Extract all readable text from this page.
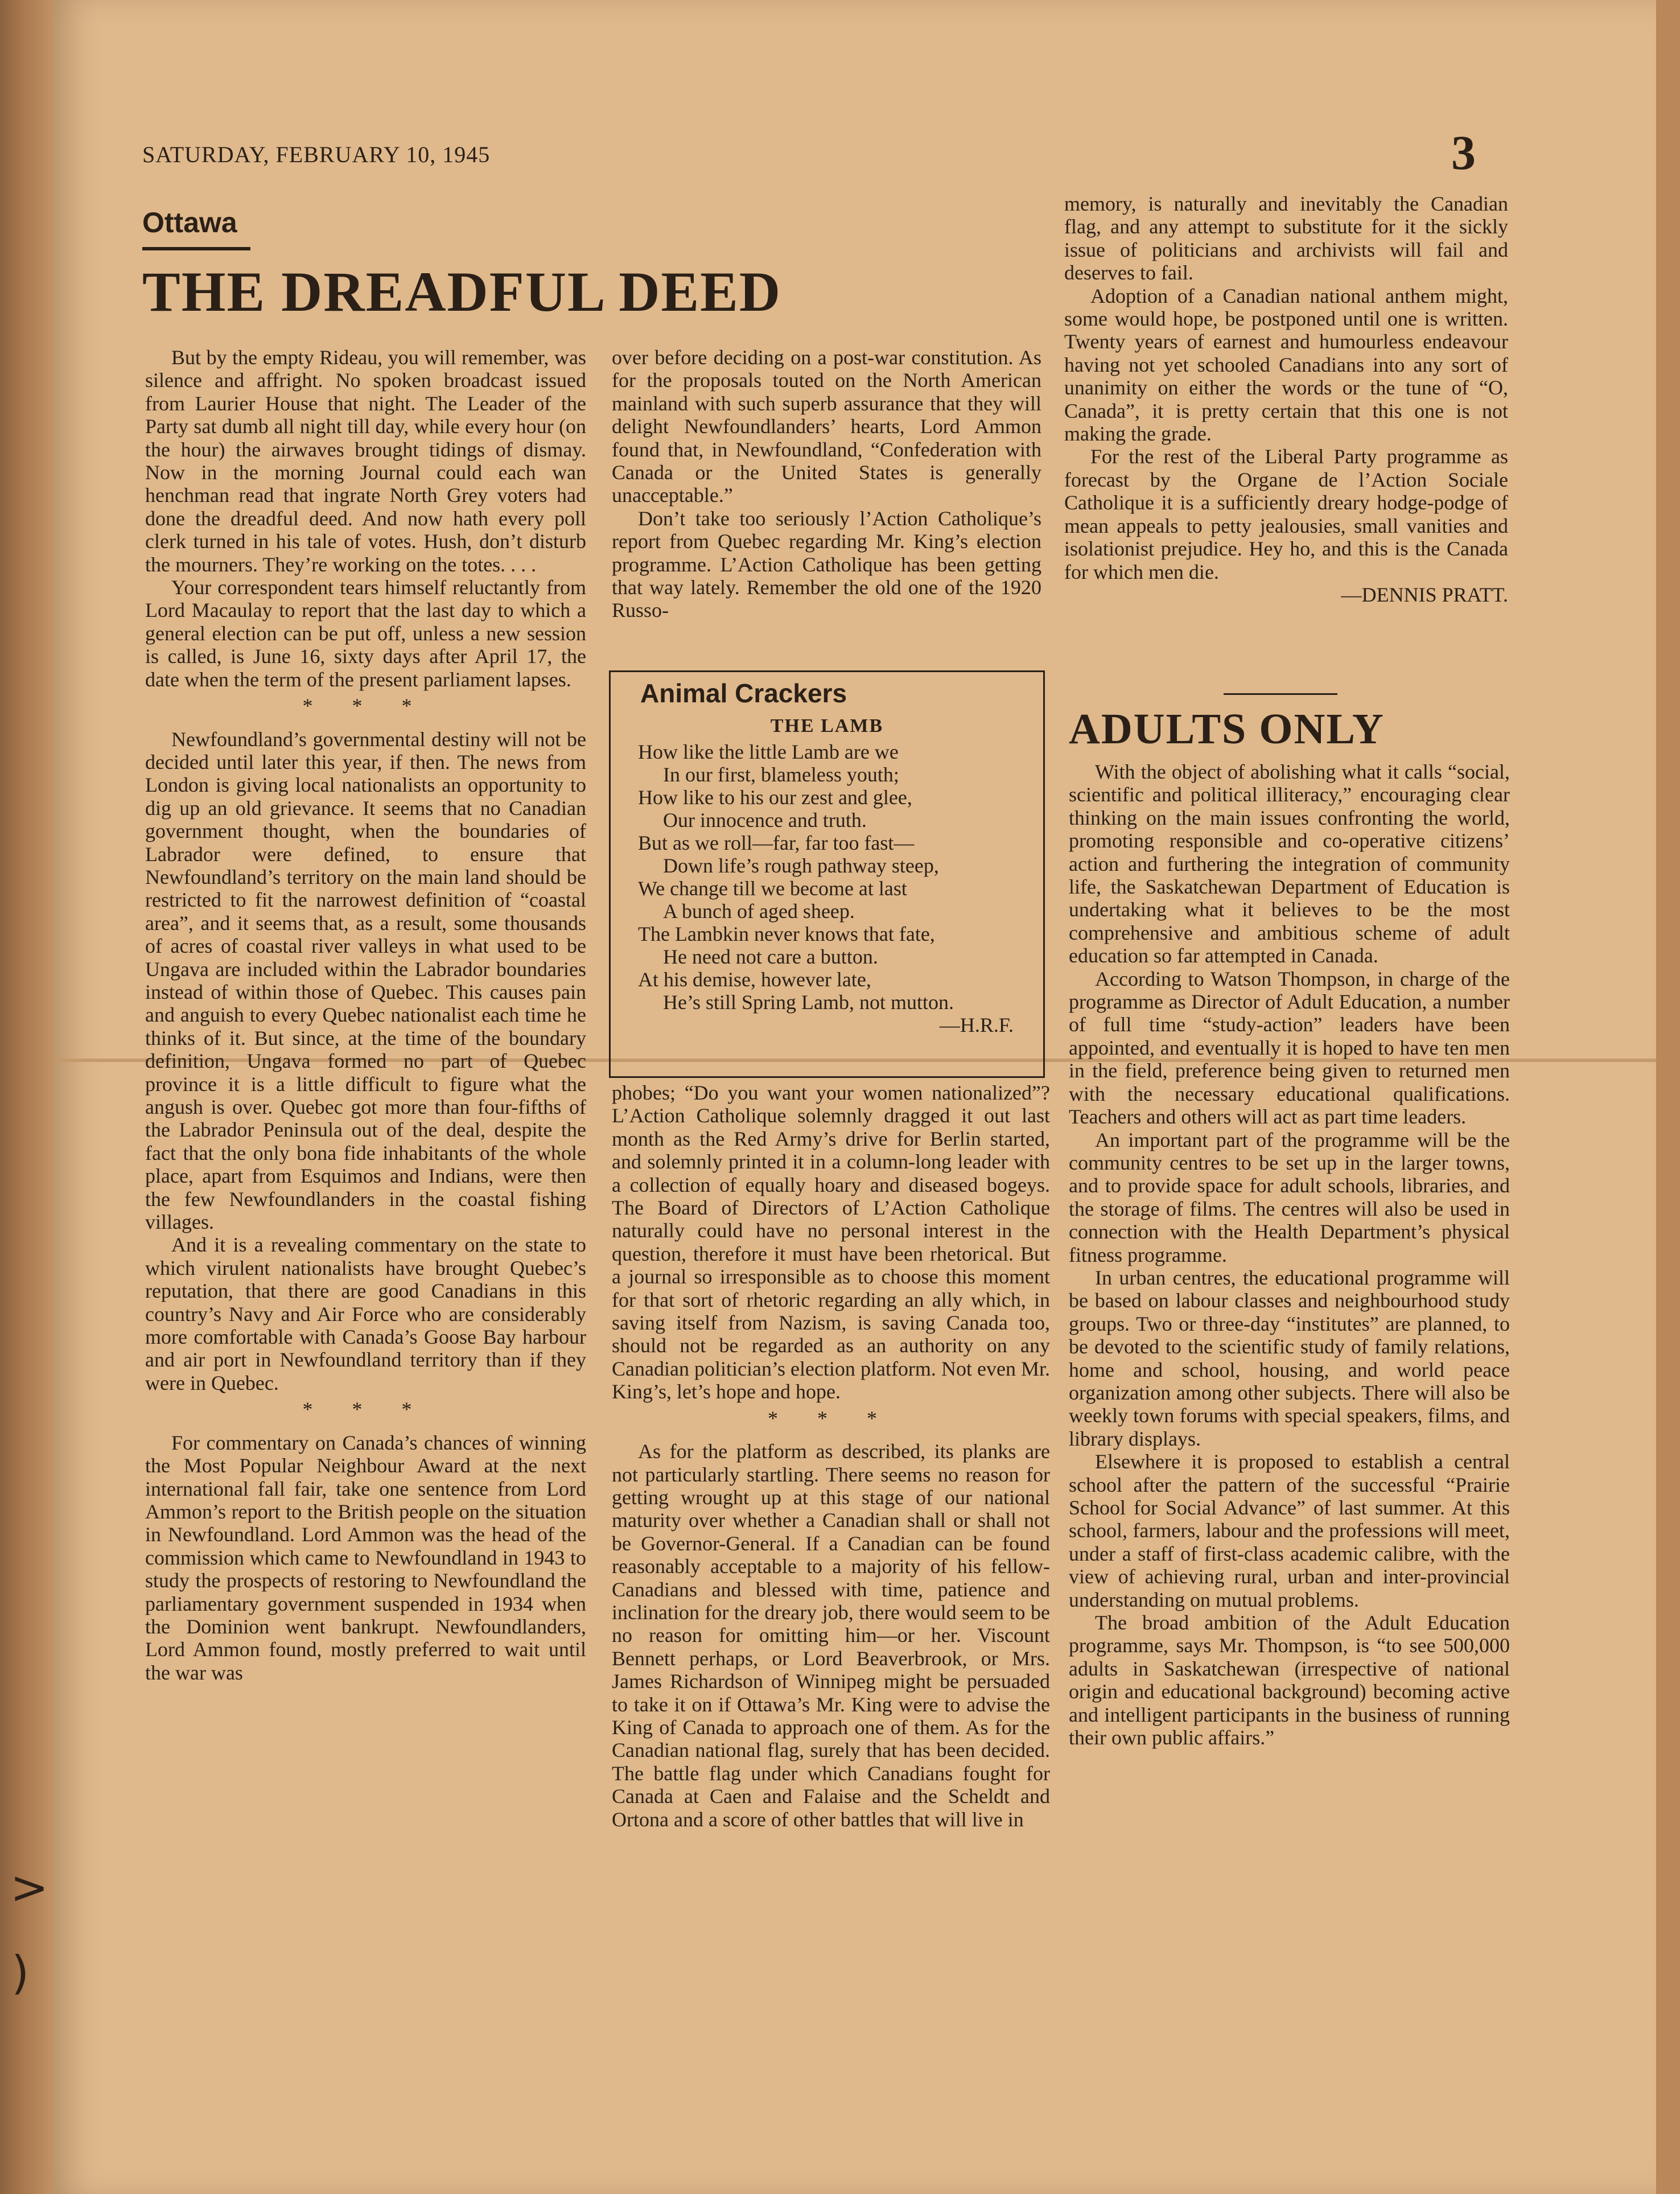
>
)
SATURDAY, FEBRUARY 10, 1945	3
Ottawa
THE DREADFUL DEED

But by the empty Rideau, you will remember, was silence and affright. No spoken broadcast issued from Laurier House that night. The Leader of the Party sat dumb all night till day, while every hour (on the hour) the airwaves brought tidings of dismay. Now in the morning Journal could each wan henchman read that ingrate North Grey voters had done the dreadful deed. And now hath every poll clerk turned in his tale of votes. Hush, don’t disturb the mourners. They’re working on the totes. . . .

Your correspondent tears himself reluctantly from Lord Macaulay to report that the last day to which a general election can be put off, unless a new session is called, is June 16, sixty days after April 17, the date when the term of the present parliament lapses.

* * *

Newfoundland’s governmental destiny will not be decided until later this year, if then. The news from London is giving local nationalists an opportunity to dig up an old grievance. It seems that no Canadian government thought, when the boundaries of Labrador were defined, to ensure that Newfoundland’s territory on the main land should be restricted to fit the narrowest definition of “coastal area”, and it seems that, as a result, some thousands of acres of coastal river valleys in what used to be Ungava are included within the Labrador boundaries instead of within those of Quebec. This causes pain and anguish to every Quebec nationalist each time he thinks of it. But since, at the time of the boundary definition, Ungava formed no part of Quebec province it is a little difficult to figure what the angush is over. Quebec got more than four-fifths of the Labrador Peninsula out of the deal, despite the fact that the only bona fide inhabitants of the whole place, apart from Esquimos and Indians, were then the few Newfoundlanders in the coastal fishing villages.

And it is a revealing commentary on the state to which virulent nationalists have brought Quebec’s reputation, that there are good Canadians in this country’s Navy and Air Force who are considerably more comfortable with Canada’s Goose Bay harbour and air port in Newfoundland territory than if they were in Quebec.

* * *

For commentary on Canada’s chances of winning the Most Popular Neighbour Award at the next international fall fair, take one sentence from Lord Ammon’s report to the British people on the situation in Newfoundland. Lord Ammon was the head of the commission which came to Newfoundland in 1943 to study the prospects of restoring to Newfoundland the parliamentary government suspended in 1934 when the Dominion went bankrupt. Newfoundlanders, Lord Ammon found, mostly preferred to wait until the war was

over before deciding on a post-war constitution. As for the proposals touted on the North American mainland with such superb assurance that they will delight Newfoundlanders’ hearts, Lord Ammon found that, in Newfoundland, “Confederation with Canada or the United States is generally unacceptable.”

Don’t take too seriously l’Action Catholique’s report from Quebec regarding Mr. King’s election programme. L’Action Catholique has been getting that way lately. Remember the old one of the 1920 Russo-

Animal Crackers
THE LAMB
How like the little Lamb are we
In our first, blameless youth;
How like to his our zest and glee,
Our innocence and truth.
But as we roll—far, far too fast—
Down life’s rough pathway steep,
We change till we become at last
A bunch of aged sheep.
The Lambkin never knows that fate,
He need not care a button.
At his demise, however late,
He’s still Spring Lamb, not mutton.
—H.R.F.

phobes; “Do you want your women nationalized”? L’Action Catholique solemnly dragged it out last month as the Red Army’s drive for Berlin started, and solemnly printed it in a column-long leader with a collection of equally hoary and diseased bogeys. The Board of Directors of L’Action Catholique naturally could have no personal interest in the question, therefore it must have been rhetorical. But a journal so irresponsible as to choose this moment for that sort of rhetoric regarding an ally which, in saving itself from Nazism, is saving Canada too, should not be regarded as an authority on any Canadian politician’s election platform. Not even Mr. King’s, let’s hope and hope.

* * *

As for the platform as described, its planks are not particularly startling. There seems no reason for getting wrought up at this stage of our national maturity over whether a Canadian shall or shall not be Governor-General. If a Canadian can be found reasonably acceptable to a majority of his fellow-Canadians and blessed with time, patience and inclination for the dreary job, there would seem to be no reason for omitting him—or her. Viscount Bennett perhaps, or Lord Beaverbrook, or Mrs. James Richardson of Winnipeg might be persuaded to take it on if Ottawa’s Mr. King were to advise the King of Canada to approach one of them. As for the Canadian national flag, surely that has been decided. The battle flag under which Canadians fought for Canada at Caen and Falaise and the Scheldt and Ortona and a score of other battles that will live in

memory, is naturally and inevitably the Canadian flag, and any attempt to substitute for it the sickly issue of politicians and archivists will fail and deserves to fail.

Adoption of a Canadian national anthem might, some would hope, be postponed until one is written. Twenty years of earnest and humourless endeavour having not yet schooled Canadians into any sort of unanimity on either the words or the tune of “O, Canada”, it is pretty certain that this one is not making the grade.

For the rest of the Liberal Party programme as forecast by the Organe de l’Action Sociale Catholique it is a sufficiently dreary hodge-podge of mean appeals to petty jealousies, small vanities and isolationist prejudice. Hey ho, and this is the Canada for which men die.

—DENNIS PRATT.

ADULTS ONLY

With the object of abolishing what it calls “social, scientific and political illiteracy,” encouraging clear thinking on the main issues confronting the world, promoting responsible and co-operative citizens’ action and furthering the integration of community life, the Saskatchewan Department of Education is undertaking what it believes to be the most comprehensive and ambitious scheme of adult education so far attempted in Canada.

According to Watson Thompson, in charge of the programme as Director of Adult Education, a number of full time “study-action” leaders have been appointed, and eventually it is hoped to have ten men in the field, preference being given to returned men with the necessary educational qualifications. Teachers and others will act as part time leaders.

An important part of the programme will be the community centres to be set up in the larger towns, and to provide space for adult schools, libraries, and the storage of films. The centres will also be used in connection with the Health Department’s physical fitness programme.

In urban centres, the educational programme will be based on labour classes and neighbourhood study groups. Two or three-day “institutes” are planned, to be devoted to the scientific study of family relations, home and school, housing, and world peace organization among other subjects. There will also be weekly town forums with special speakers, films, and library displays.

Elsewhere it is proposed to establish a central school after the pattern of the successful “Prairie School for Social Advance” of last summer. At this school, farmers, labour and the professions will meet, under a staff of first-class academic calibre, with the view of achieving rural, urban and inter-provincial understanding on mutual problems.

The broad ambition of the Adult Education programme, says Mr. Thompson, is “to see 500,000 adults in Saskatchewan (irrespective of national origin and educational background) becoming active and intelligent participants in the business of running their own public affairs.”
